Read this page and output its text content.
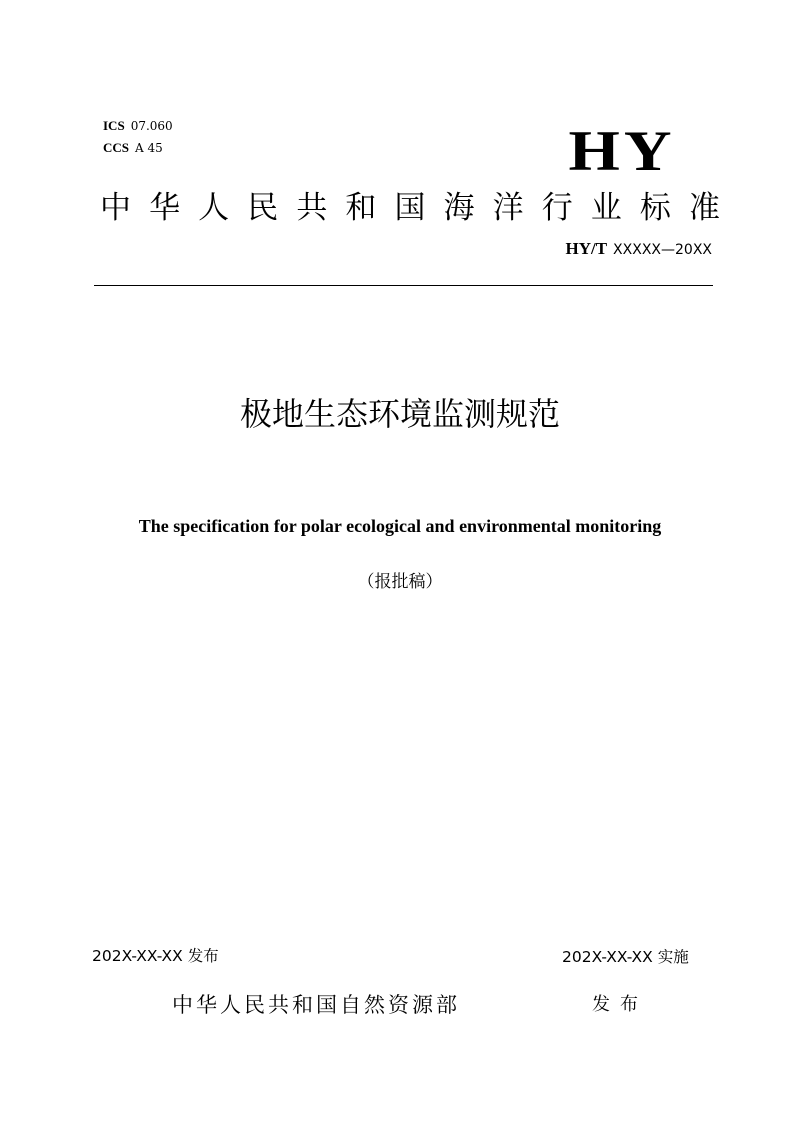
ICS 07.060
CCS A 45	HY
中 华 人 民 共 和 国 海 洋 行 业 标 准
HY/T XXXXX—20XX
极地生态环境监测规范
The specification for polar ecological and environmental monitoring
（报批稿）
202X-XX-XX 发布	202X-XX-XX 实施
中华人民共和国自然资源部	发布
